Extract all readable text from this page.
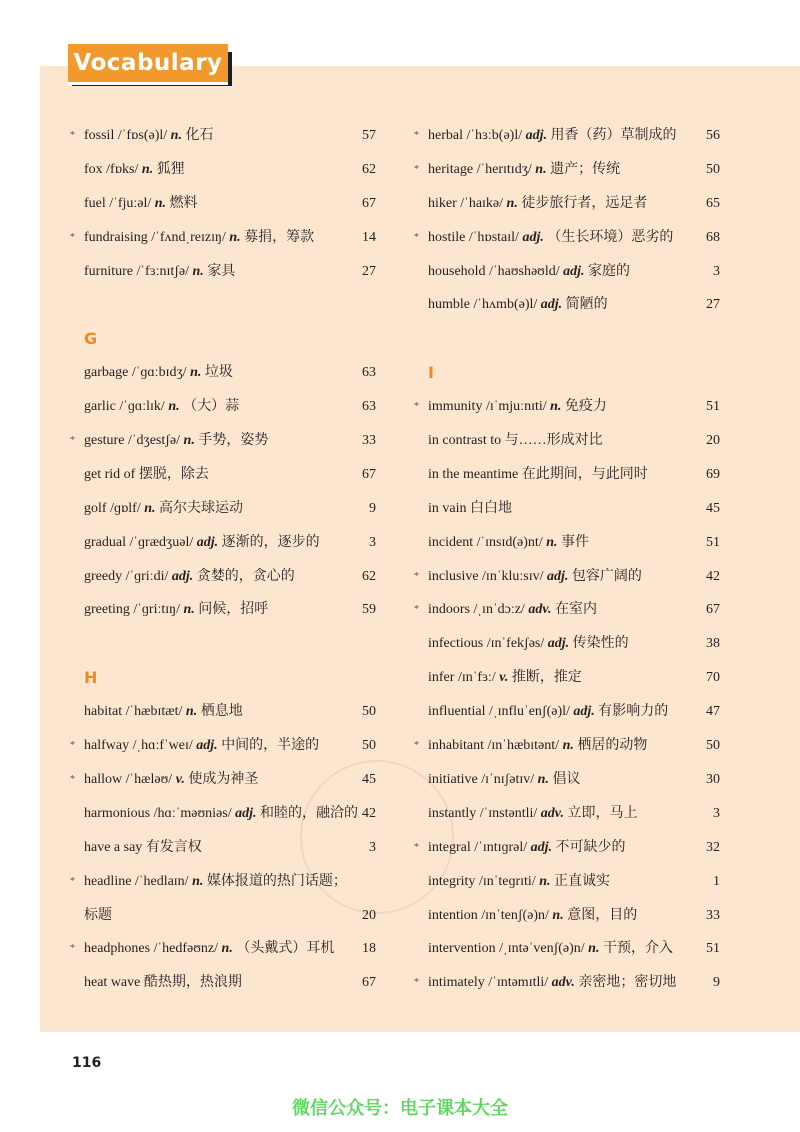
Vocabulary
* fossil /ˈfɒs(ə)l/ n. 化石	57
fox /fɒks/ n. 狐狸	62
fuel /ˈfjuːəl/ n. 燃料	67
* fundraising /ˈfʌndˌreɪzɪŋ/ n. 募捐，筹款	14
furniture /ˈfɜːnɪtʃə/ n. 家具	27
G
garbage /ˈɡɑːbɪdʒ/ n. 垃圾	63
garlic /ˈɡɑːlɪk/ n. （大）蒜	63
* gesture /ˈdʒestʃə/ n. 手势，姿势	33
get rid of 摆脱，除去	67
golf /ɡɒlf/ n. 高尔夫球运动	9
gradual /ˈɡrædʒuəl/ adj. 逐渐的，逐步的	3
greedy /ˈɡriːdi/ adj. 贪婪的，贪心的	62
greeting /ˈɡriːtɪŋ/ n. 问候，招呼	59
H
habitat /ˈhæbɪtæt/ n. 栖息地	50
* halfway /ˌhɑːfˈweɪ/ adj. 中间的，半途的	50
* hallow /ˈhæləʊ/ v. 使成为神圣	45
harmonious /hɑːˈməʊniəs/ adj. 和睦的，融洽的 42
have a say 有发言权	3
* headline /ˈhedlaɪn/ n. 媒体报道的热门话题；
标题	20
* headphones /ˈhedfəʊnz/ n. （头戴式）耳机 18
heat wave 酷热期，热浪期	67
* herbal /ˈhɜːb(ə)l/ adj. 用香（药）草制成的 56
* heritage /ˈherɪtɪdʒ/ n. 遗产；传统	50
hiker /ˈhaɪkə/ n. 徒步旅行者，远足者	65
* hostile /ˈhɒstaɪl/ adj. （生长环境）恶劣的 68
household /ˈhaʊshəʊld/ adj. 家庭的	3
humble /ˈhʌmb(ə)l/ adj. 简陋的	27
I
* immunity /ɪˈmjuːnɪti/ n. 免疫力	51
in contrast to 与……形成对比	20
in the meantime 在此期间，与此同时	69
in vain 白白地	45
incident /ˈɪnsɪd(ə)nt/ n. 事件	51
* inclusive /ɪnˈkluːsɪv/ adj. 包容广阔的	42
* indoors /ˌɪnˈdɔːz/ adv. 在室内	67
infectious /ɪnˈfekʃəs/ adj. 传染性的	38
infer /ɪnˈfɜː/ v. 推断，推定	70
influential /ˌɪnfluˈenʃ(ə)l/ adj. 有影响力的	47
* inhabitant /ɪnˈhæbɪtənt/ n. 栖居的动物	50
initiative /ɪˈnɪʃətɪv/ n. 倡议	30
instantly /ˈɪnstəntli/ adv. 立即，马上	3
* integral /ˈɪntɪɡrəl/ adj. 不可缺少的	32
integrity /ɪnˈteɡrɪti/ n. 正直诚实	1
intention /ɪnˈtenʃ(ə)n/ n. 意图，目的	33
intervention /ˌɪntəˈvenʃ(ə)n/ n. 干预，介入 51
* intimately /ˈɪntəmɪtli/ adv. 亲密地；密切地	9
116
微信公众号：电子课本大全
